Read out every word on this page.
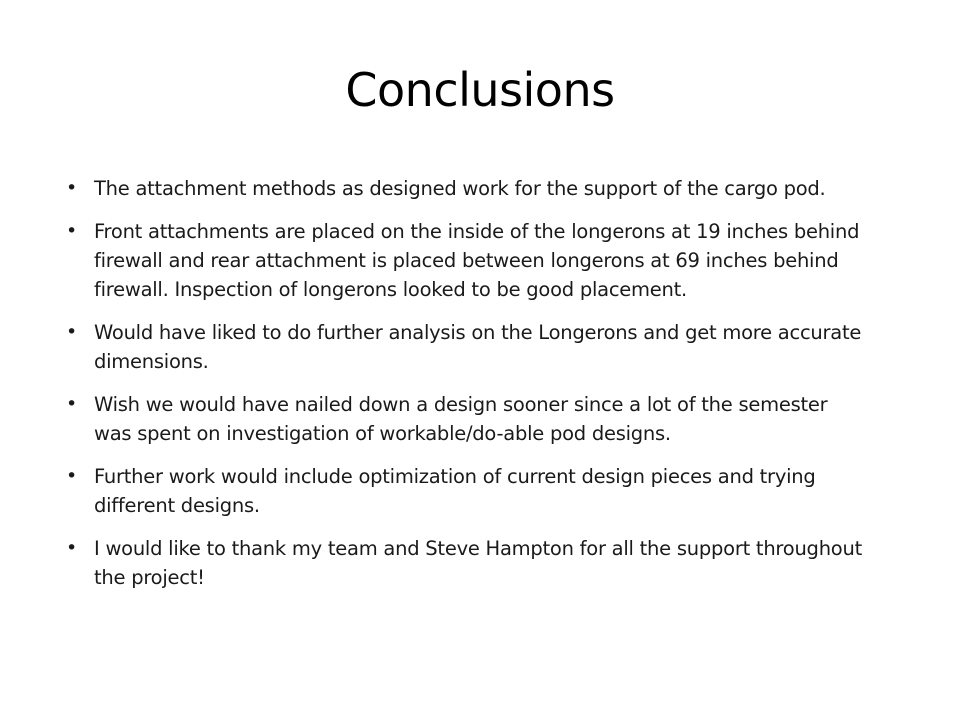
Conclusions
• The attachment methods as designed work for the support of the cargo pod.
• Front attachments are placed on the inside of the longerons at 19 inches behind firewall and rear attachment is placed between longerons at 69 inches behind firewall. Inspection of longerons looked to be good placement.
• Would have liked to do further analysis on the Longerons and get more accurate dimensions.
• Wish we would have nailed down a design sooner since a lot of the semester was spent on investigation of workable/do-able pod designs.
• Further work would include optimization of current design pieces and trying different designs.
• I would like to thank my team and Steve Hampton for all the support throughout the project!
